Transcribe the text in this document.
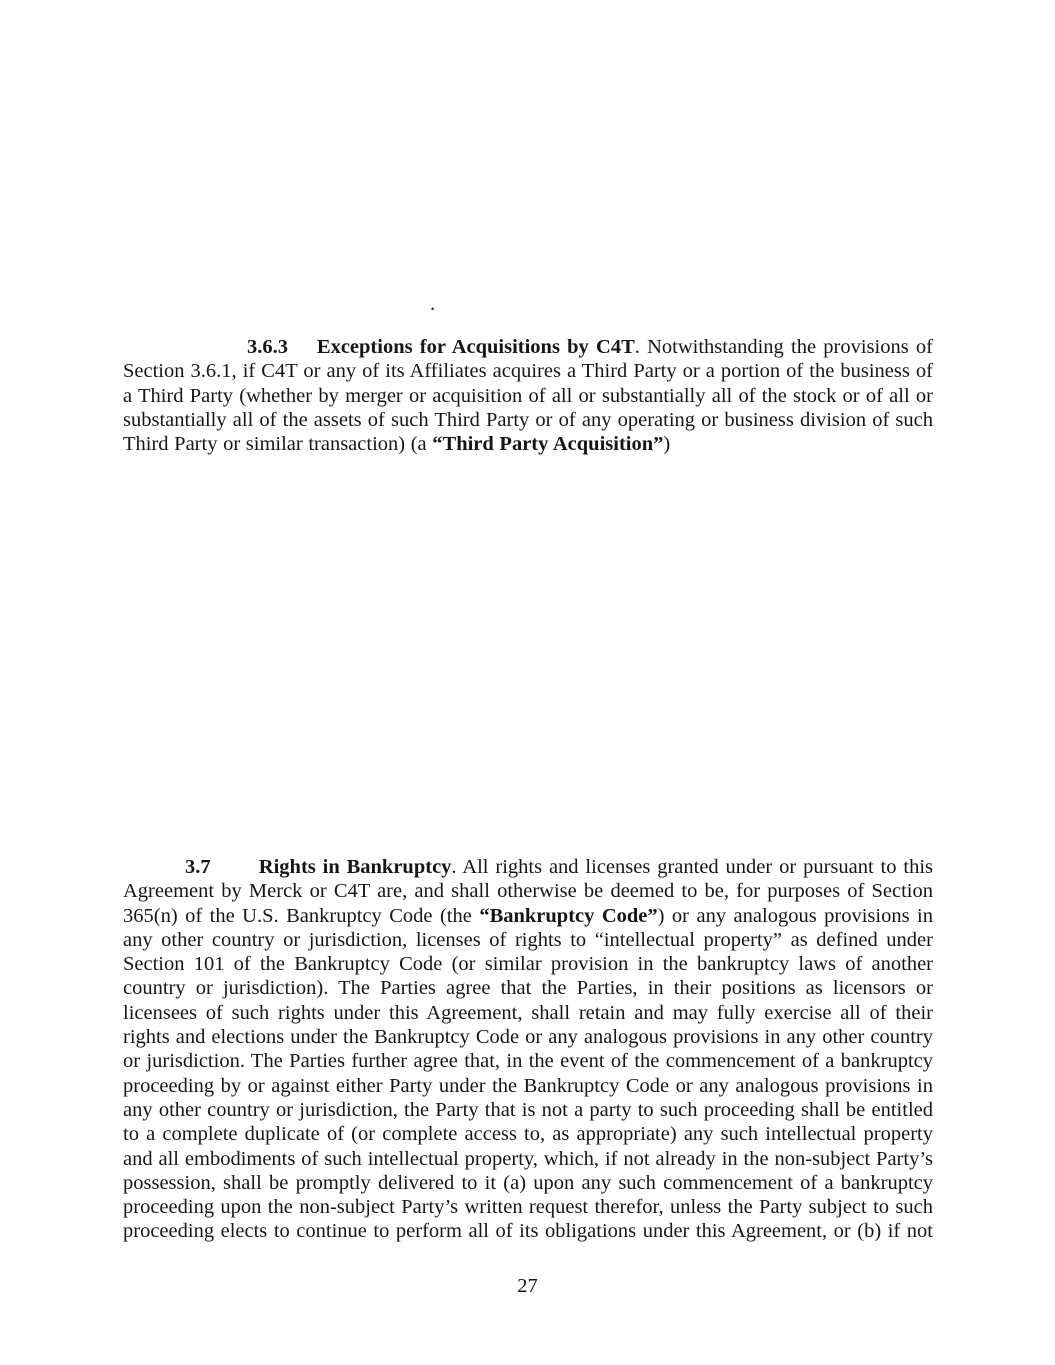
.
3.6.3 Exceptions for Acquisitions by C4T. Notwithstanding the provisions of Section 3.6.1, if C4T or any of its Affiliates acquires a Third Party or a portion of the business of a Third Party (whether by merger or acquisition of all or substantially all of the stock or of all or substantially all of the assets of such Third Party or of any operating or business division of such Third Party or similar transaction) (a “Third Party Acquisition”)
3.7 Rights in Bankruptcy. All rights and licenses granted under or pursuant to this Agreement by Merck or C4T are, and shall otherwise be deemed to be, for purposes of Section 365(n) of the U.S. Bankruptcy Code (the “Bankruptcy Code”) or any analogous provisions in any other country or jurisdiction, licenses of rights to “intellectual property” as defined under Section 101 of the Bankruptcy Code (or similar provision in the bankruptcy laws of another country or jurisdiction). The Parties agree that the Parties, in their positions as licensors or licensees of such rights under this Agreement, shall retain and may fully exercise all of their rights and elections under the Bankruptcy Code or any analogous provisions in any other country or jurisdiction. The Parties further agree that, in the event of the commencement of a bankruptcy proceeding by or against either Party under the Bankruptcy Code or any analogous provisions in any other country or jurisdiction, the Party that is not a party to such proceeding shall be entitled to a complete duplicate of (or complete access to, as appropriate) any such intellectual property and all embodiments of such intellectual property, which, if not already in the non-subject Party’s possession, shall be promptly delivered to it (a) upon any such commencement of a bankruptcy proceeding upon the non-subject Party’s written request therefor, unless the Party subject to such proceeding elects to continue to perform all of its obligations under this Agreement, or (b) if not
27
